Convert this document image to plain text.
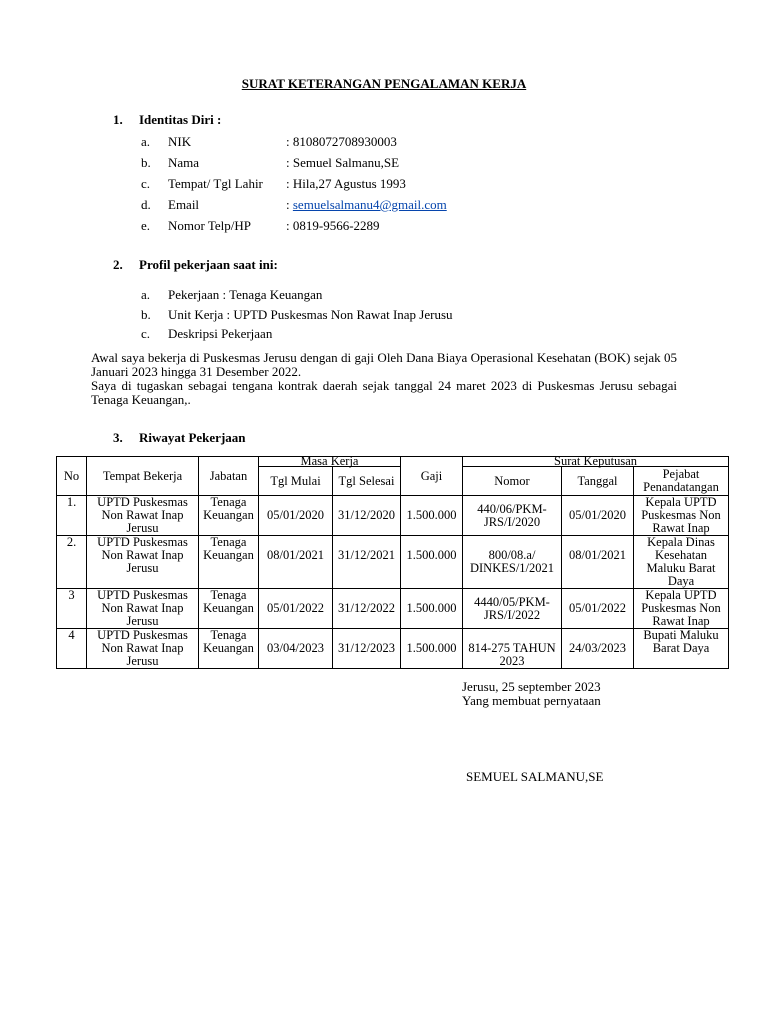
SURAT KETERANGAN PENGALAMAN KERJA
1. Identitas Diri :
a. NIK	: 8108072708930003
b. Nama	: Semuel Salmanu,SE
c. Tempat/ Tgl Lahir : Hila,27 Agustus 1993
d. Email	: semuelsalmanu4@gmail.com
e. Nomor Telp/HP	: 0819-9566-2289
2. Profil pekerjaan saat ini:
a. Pekerjaan : Tenaga Keuangan
b. Unit Kerja : UPTD Puskesmas Non Rawat Inap Jerusu
c. Deskripsi Pekerjaan

Awal saya bekerja di Puskesmas Jerusu dengan di gaji Oleh Dana Biaya Operasional Kesehatan (BOK) sejak 05 Januari 2023 hingga 31 Desember 2022.

Saya di tugaskan sebagai tengana kontrak daerah sejak tanggal 24 maret 2023 di Puskesmas Jerusu sebagai Tenaga Keuangan,.

3. Riwayat Pekerjaan
No	Tempat Bekerja	Jabatan	Masa Kerja		Gaji	Surat Keputusan		
			Tgl Mulai	Tgl Selesai		Nomor	Tanggal	Pejabat Penandatangan
1.	UPTD Puskesmas Non Rawat Inap Jerusu	Tenaga Keuangan	05/01/2020	31/12/2020	1.500.000	440/06/PKM-JRS/I/2020	05/01/2020	Kepala UPTD Puskesmas Non Rawat Inap
2.	UPTD Puskesmas Non Rawat Inap Jerusu	Tenaga Keuangan	08/01/2021	31/12/2021	1.500.000	800/08.a/ DINKES/1/2021	08/01/2021	Kepala Dinas Kesehatan Maluku Barat Daya
3	UPTD Puskesmas Non Rawat Inap Jerusu	Tenaga Keuangan	05/01/2022	31/12/2022	1.500.000	4440/05/PKM-JRS/I/2022	05/01/2022	Kepala UPTD Puskesmas Non Rawat Inap
4	UPTD Puskesmas Non Rawat Inap Jerusu	Tenaga Keuangan	03/04/2023	31/12/2023	1.500.000	814-275 TAHUN 2023	24/03/2023	Bupati Maluku Barat Daya
Jerusu, 25 september 2023
Yang membuat pernyataan
SEMUEL SALMANU,SE
